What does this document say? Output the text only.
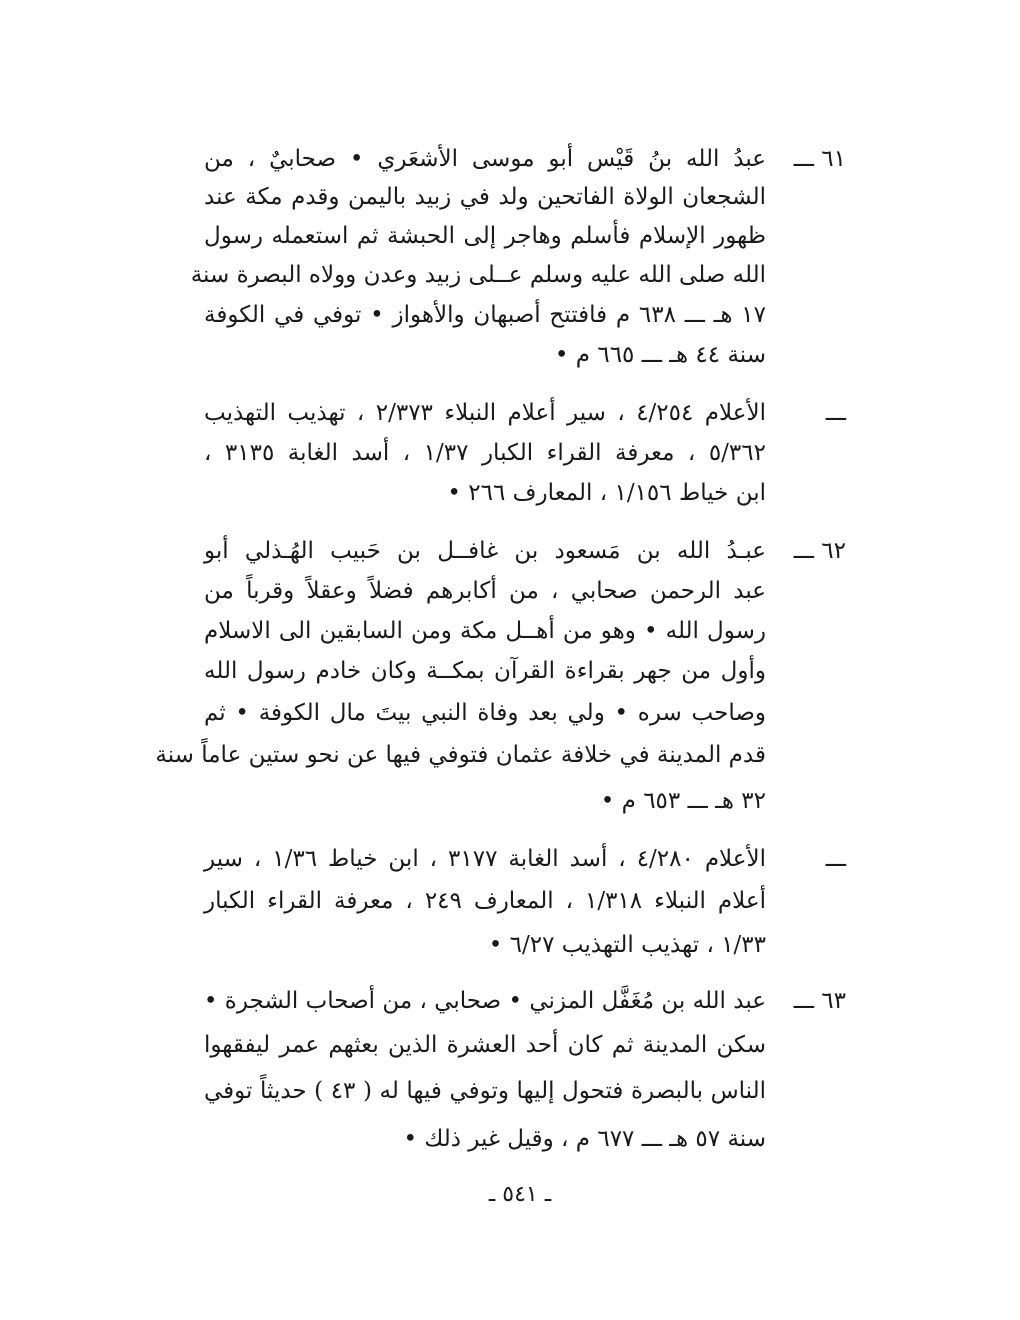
٦١ ـــ
عبدُ الله بنُ قَيْس أبو موسى الأشعَري • صحابيٌ ، من
الشجعان الولاة الفاتحين ولد في زبيد باليمن وقدم مكة عند
ظهور الإسلام فأسلم وهاجر إلى الحبشة ثم استعمله رسول
الله صلى الله عليه وسلم عــلى زبيد وعدن وولاه البصرة سنة
١٧ هـ ـــ ٦٣٨ م فافتتح أصبهان والأهواز • توفي في الكوفة
سنة ٤٤ هـ ـــ ٦٦٥ م •
ـــ
الأعلام ٤/٢٥٤ ، سير أعلام النبلاء ٢/٣٧٣ ، تهذيب التهذيب
٥/٣٦٢ ، معرفة القراء الكبار ١/٣٧ ، أسد الغابة ٣١٣٥ ،
ابن خياط ١/١٥٦ ، المعارف ٢٦٦ •
٦٢ ـــ
عبـدُ الله بن مَسعود بن غافــل بن حَبيب الهُـذلي أبو
عبد الرحمن صحابي ، من أكابرهم فضلاً وعقلاً وقرباً من
رسول الله • وهو من أهــل مكة ومن السابقين الى الاسلام
وأول من جهر بقراءة القرآن بمكــة وكان خادم رسول الله
وصاحب سره • ولي بعد وفاة النبي بيتَ مال الكوفة • ثم
قدم المدينة في خلافة عثمان فتوفي فيها عن نحو ستين عاماً سنة
٣٢ هـ ـــ ٦٥٣ م •
ـــ
الأعلام ٤/٢٨٠ ، أسد الغابة ٣١٧٧ ، ابن خياط ١/٣٦ ، سير
أعلام النبلاء ١/٣١٨ ، المعارف ٢٤٩ ، معرفة القراء الكبار
١/٣٣ ، تهذيب التهذيب ٦/٢٧ •
٦٣ ـــ
عبد الله بن مُغَفَّل المزني • صحابي ، من أصحاب الشجرة •
سكن المدينة ثم كان أحد العشرة الذين بعثهم عمر ليفقهوا
الناس بالبصرة فتحول إليها وتوفي فيها له ( ٤٣ ) حديثاً توفي
سنة ٥٧ هـ ـــ ٦٧٧ م ، وقيل غير ذلك •
ـ ٥٤١ ـ
